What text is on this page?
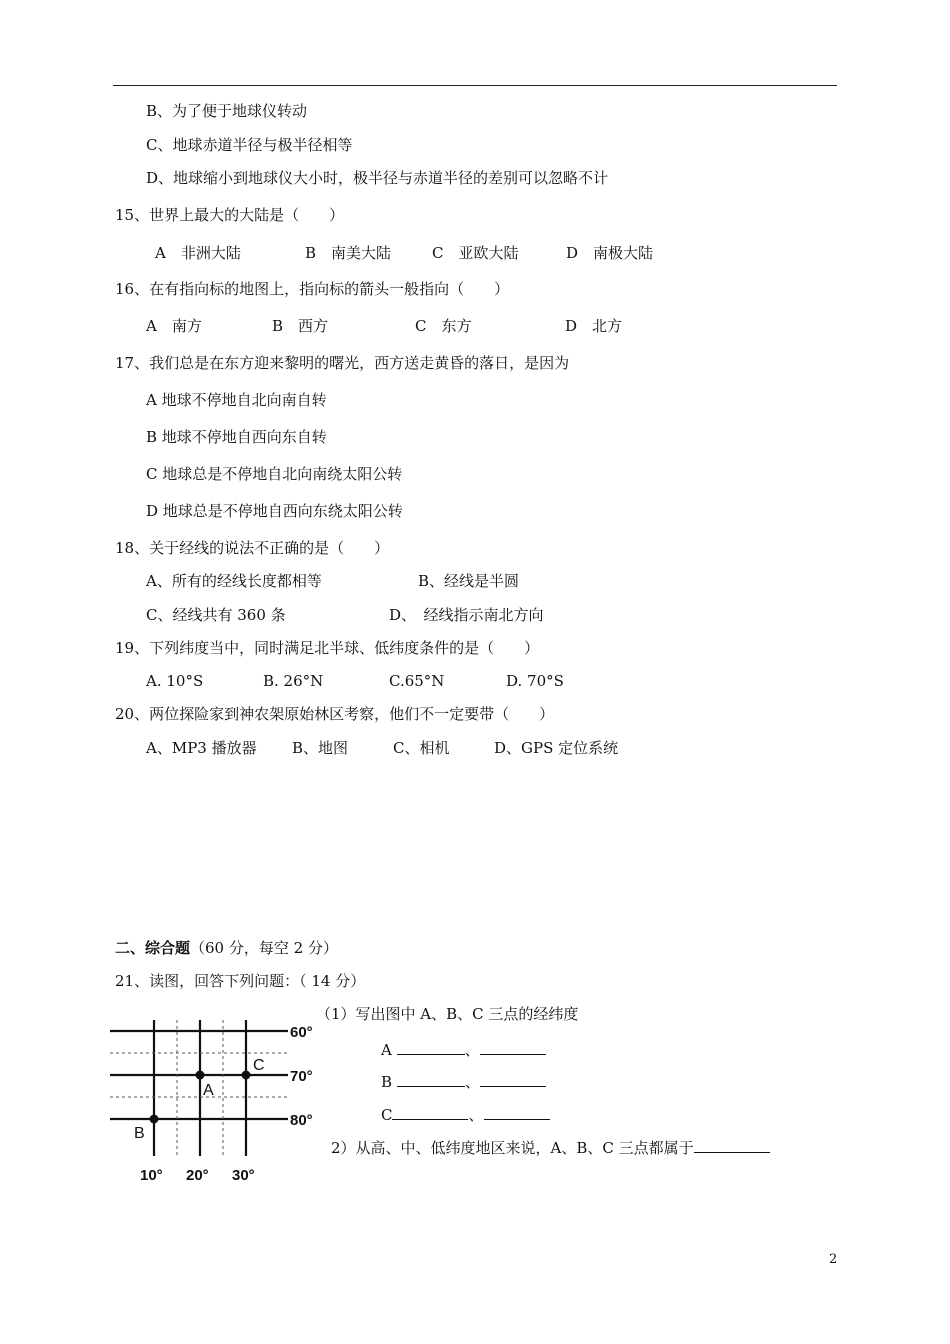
B、为了便于地球仪转动
C、地球赤道半径与极半径相等
D、地球缩小到地球仪大小时，极半径与赤道半径的差别可以忽略不计
15、世界上最大的大陆是（　　）
A　非洲大陆	B　南美大陆	C　亚欧大陆	D　南极大陆
16、在有指向标的地图上，指向标的箭头一般指向（　　）
A　南方	B　西方	C　东方	D　北方
17、我们总是在东方迎来黎明的曙光，西方送走黄昏的落日，是因为
A 地球不停地自北向南自转
B 地球不停地自西向东自转
C 地球总是不停地自北向南绕太阳公转
D 地球总是不停地自西向东绕太阳公转
18、关于经线的说法不正确的是（　　）
A、所有的经线长度都相等	B、经线是半圆
C、经线共有 360 条	D、　经线指示南北方向
19、下列纬度当中，同时满足北半球、低纬度条件的是（　　）
A. 10°S	B. 26°N	C.65°N	D. 70°S
20、两位探险家到神农架原始林区考察，他们不一定要带（　　）
A、MP3 播放器 B、地图	C、相机	D、GPS 定位系统
二、综合题（60 分，每空 2 分）
21、读图，回答下列问题：（ 14 分）
（1）写出图中 A、B、C 三点的经纬度
A	、
B	、
C	、
2）从高、中、低纬度地区来说，A、B、C 三点都属于
A
B
C
60°
70°
80°
10° 20° 30°
2
